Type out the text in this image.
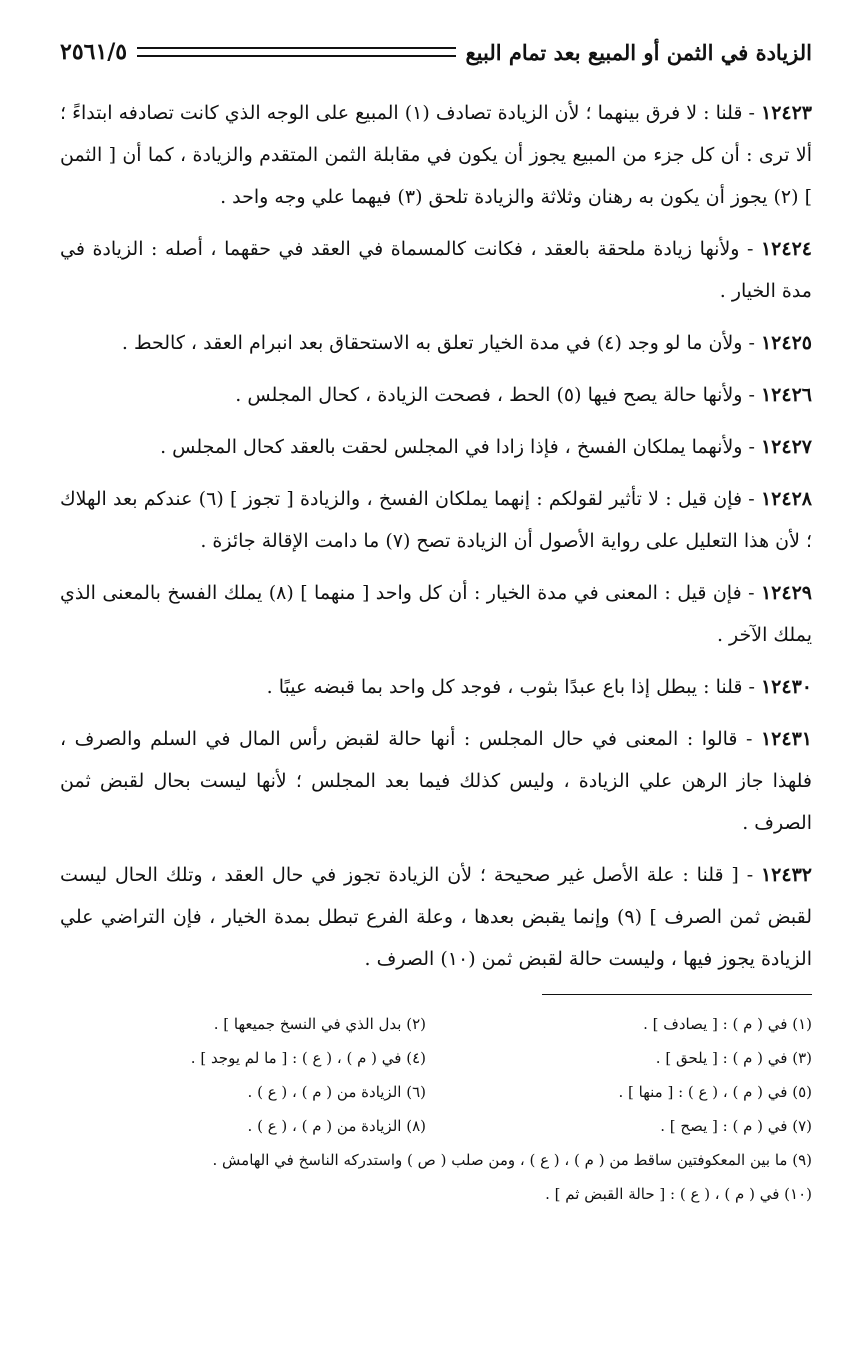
الزيادة في الثمن أو المبيع بعد تمام البيع
٢٥٦١/٥

١٢٤٢٣ - قلنا : لا فرق بينهما ؛ لأن الزيادة تصادف (١) المبيع على الوجه الذي كانت تصادفه ابتداءً ؛ ألا ترى : أن كل جزء من المبيع يجوز أن يكون في مقابلة الثمن المتقدم والزيادة ، كما أن [ الثمن ] (٢) يجوز أن يكون به رهنان وثلاثة والزيادة تلحق (٣) فيهما علي وجه واحد .

١٢٤٢٤ - ولأنها زيادة ملحقة بالعقد ، فكانت كالمسماة في العقد في حقهما ، أصله : الزيادة في مدة الخيار .

١٢٤٢٥ - ولأن ما لو وجد (٤) في مدة الخيار تعلق به الاستحقاق بعد انبرام العقد ، كالحط .

١٢٤٢٦ - ولأنها حالة يصح فيها (٥) الحط ، فصحت الزيادة ، كحال المجلس .

١٢٤٢٧ - ولأنهما يملكان الفسخ ، فإذا زادا في المجلس لحقت بالعقد كحال المجلس .

١٢٤٢٨ - فإن قيل : لا تأثير لقولكم : إنهما يملكان الفسخ ، والزيادة [ تجوز ] (٦) عندكم بعد الهلاك ؛ لأن هذا التعليل على رواية الأصول أن الزيادة تصح (٧) ما دامت الإقالة جائزة .

١٢٤٢٩ - فإن قيل : المعنى في مدة الخيار : أن كل واحد [ منهما ] (٨) يملك الفسخ بالمعنى الذي يملك الآخر .

١٢٤٣٠ - قلنا : يبطل إذا باع عبدًا بثوب ، فوجد كل واحد بما قبضه عيبًا .

١٢٤٣١ - قالوا : المعنى في حال المجلس : أنها حالة لقبض رأس المال في السلم والصرف ، فلهذا جاز الرهن علي الزيادة ، وليس كذلك فيما بعد المجلس ؛ لأنها ليست بحال لقبض ثمن الصرف .

١٢٤٣٢ - [ قلنا : علة الأصل غير صحيحة ؛ لأن الزيادة تجوز في حال العقد ، وتلك الحال ليست لقبض ثمن الصرف ] (٩) وإنما يقبض بعدها ، وعلة الفرع تبطل بمدة الخيار ، فإن التراضي علي الزيادة يجوز فيها ، وليست حالة لقبض ثمن (١٠) الصرف .

(١) في ( م ) : [ يصادف ] .
(٢) بدل الذي في النسخ جميعها ] .
(٣) في ( م ) : [ يلحق ] .
(٤) في ( م ) ، ( ع ) : [ ما لم يوجد ] .
(٥) في ( م ) ، ( ع ) : [ منها ] .
(٦) الزيادة من ( م ) ، ( ع ) .
(٧) في ( م ) : [ يصح ] .
(٨) الزيادة من ( م ) ، ( ع ) .
(٩) ما بين المعكوفتين ساقط من ( م ) ، ( ع ) ، ومن صلب ( ص ) واستدركه الناسخ في الهامش .
(١٠) في ( م ) ، ( ع ) : [ حالة القبض ثم ] .
